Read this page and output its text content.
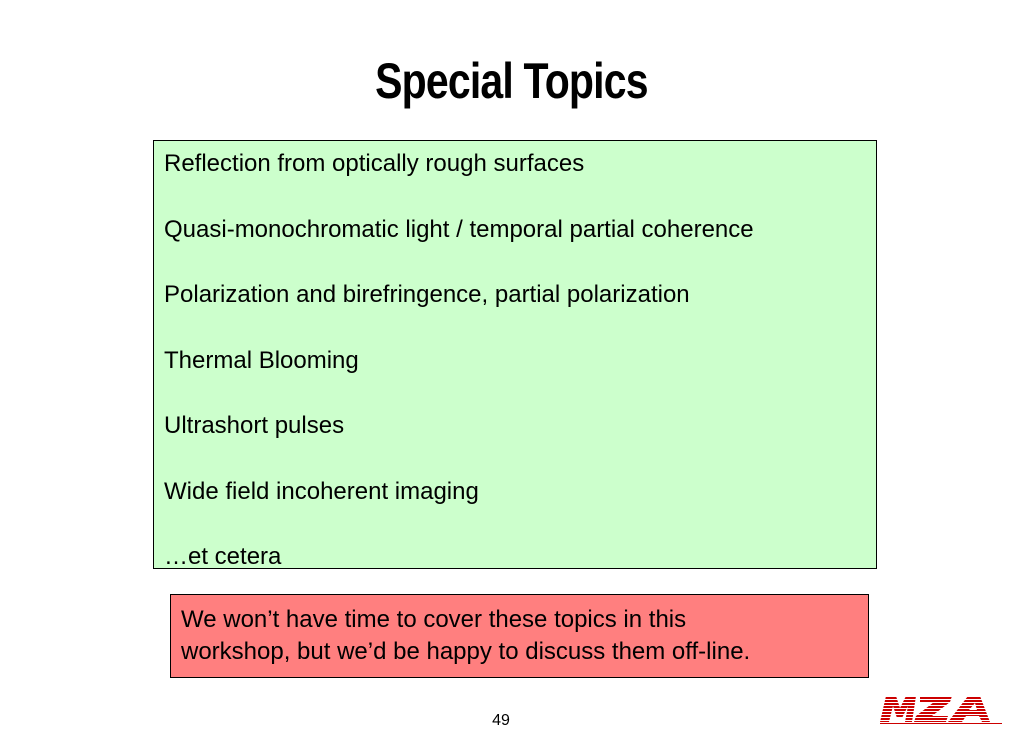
Special Topics
Reflection from optically rough surfaces
Quasi-monochromatic light / temporal partial coherence
Polarization and birefringence, partial polarization
Thermal Blooming
Ultrashort pulses
Wide field incoherent imaging
…et cetera
We won’t have time to cover these topics in this
workshop, but we’d be happy to discuss them off-line.
49
